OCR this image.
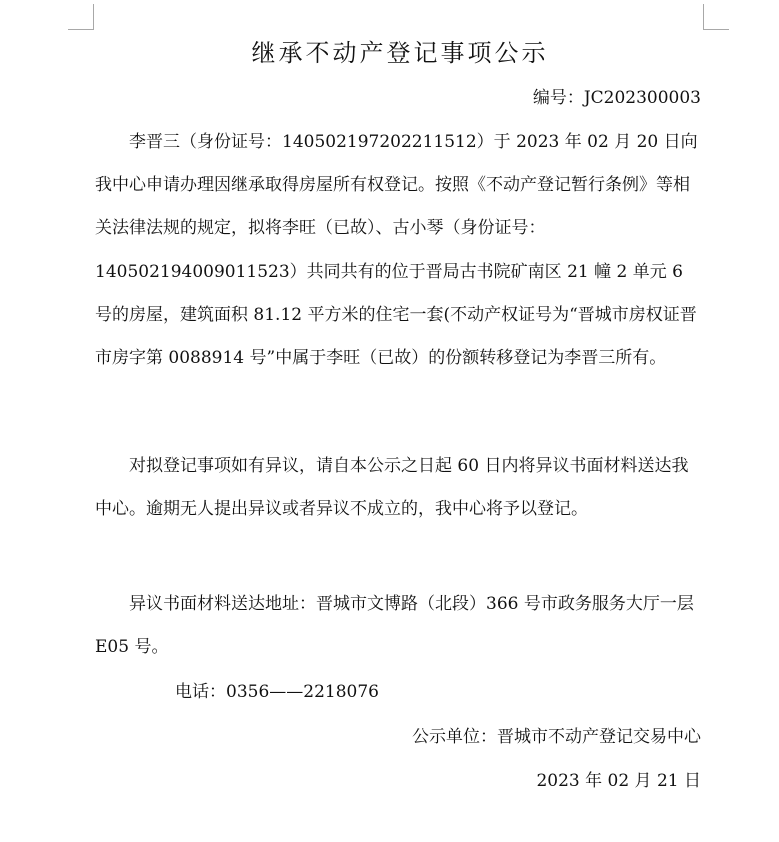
继承不动产登记事项公示
编号：JC202300003
李晋三（身份证号：140502197202211512）于 2023 年 02 月 20 日向我中心申请办理因继承取得房屋所有权登记。按照《不动产登记暂行条例》等相关法律法规的规定，拟将李旺（已故）、古小琴（身份证号：140502194009011523）共同共有的位于晋局古书院矿南区 21 幢 2 单元 6 号的房屋，建筑面积 81.12 平方米的住宅一套(不动产权证号为“晋城市房权证晋市房字第 0088914 号”中属于李旺（已故）的份额转移登记为李晋三所有。
对拟登记事项如有异议，请自本公示之日起 60 日内将异议书面材料送达我中心。逾期无人提出异议或者异议不成立的，我中心将予以登记。
异议书面材料送达地址：晋城市文博路（北段）366 号市政务服务大厅一层 E05 号。
电话：0356——2218076
公示单位：晋城市不动产登记交易中心
2023 年 02 月 21 日
